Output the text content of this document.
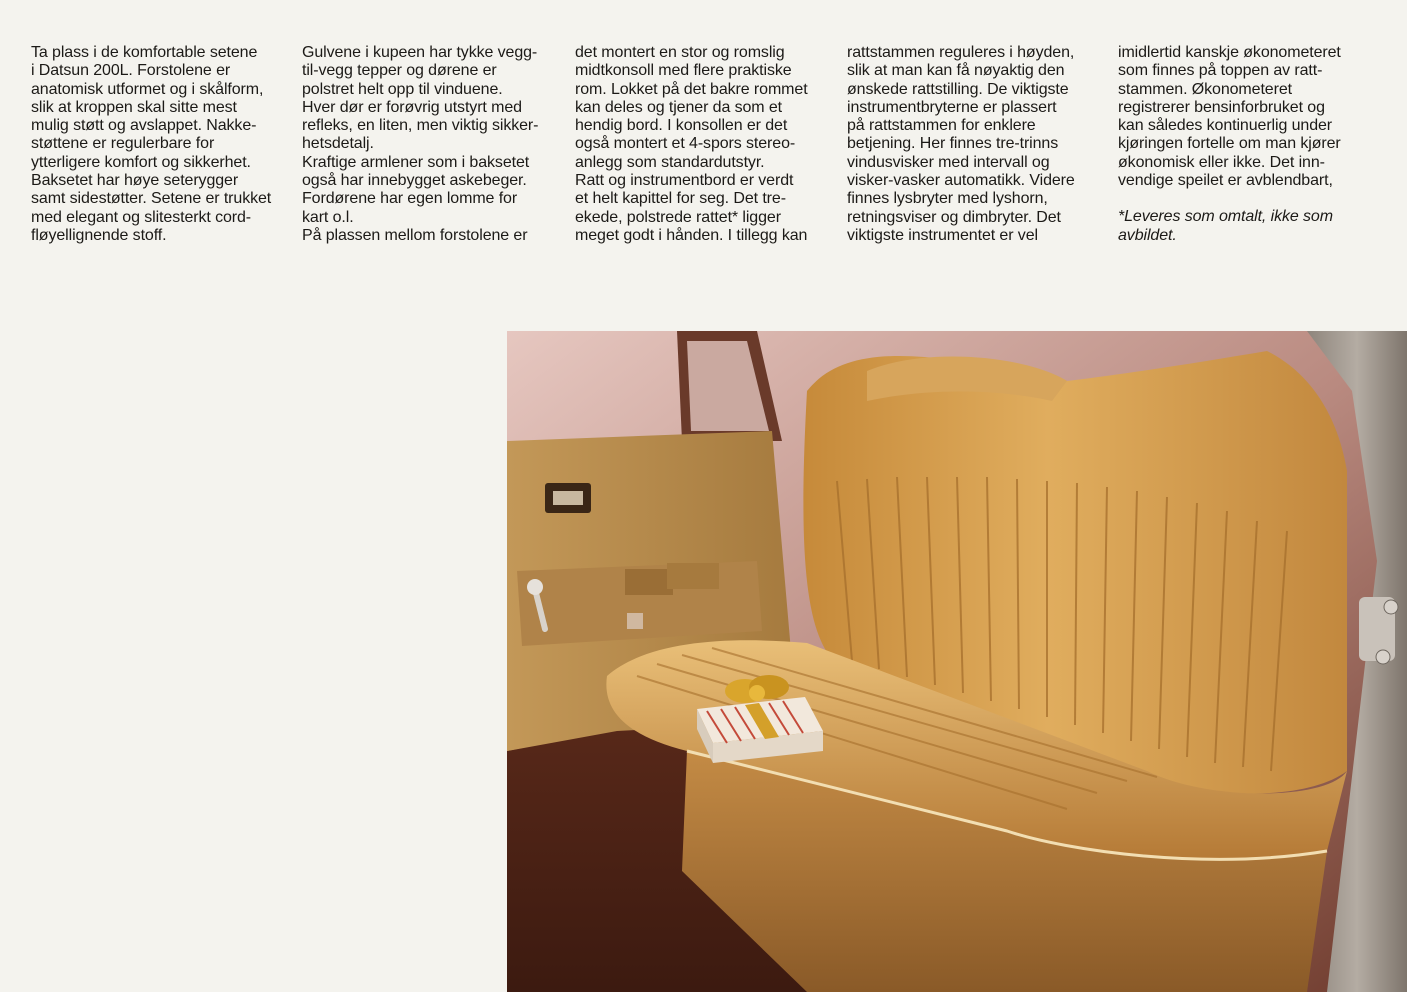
Ta plass i de komfortable setene
i Datsun 200L. Forstolene er
anatomisk utformet og i skålform,
slik at kroppen skal sitte mest
mulig støtt og avslappet. Nakke-
støttene er regulerbare for
ytterligere komfort og sikkerhet.
Baksetet har høye seterygger
samt sidestøtter. Setene er trukket
med elegant og slitesterkt cord-
fløyellignende stoff.
Gulvene i kupeen har tykke vegg-
til-vegg tepper og dørene er
polstret helt opp til vinduene.
Hver dør er forøvrig utstyrt med
refleks, en liten, men viktig sikker-
hetsdetalj.
Kraftige armlener som i baksetet
også har innebygget askebeger.
Fordørene har egen lomme for
kart o.l.
På plassen mellom forstolene er
det montert en stor og romslig
midtkonsoll med flere praktiske
rom. Lokket på det bakre rommet
kan deles og tjener da som et
hendig bord. I konsollen er det
også montert et 4-spors stereo-
anlegg som standardutstyr.
Ratt og instrumentbord er verdt
et helt kapittel for seg. Det tre-
ekede, polstrede rattet* ligger
meget godt i hånden. I tillegg kan
rattstammen reguleres i høyden,
slik at man kan få nøyaktig den
ønskede rattstilling. De viktigste
instrumentbryterne er plassert
på rattstammen for enklere
betjening. Her finnes tre-trinns
vindusvisker med intervall og
visker-vasker automatikk. Videre
finnes lysbryter med lyshorn,
retningsviser og dimbryter. Det
viktigste instrumentet er vel
imidlertid kanskje økonometeret
som finnes på toppen av ratt-
stammen. Økonometeret
registrerer bensinforbruket og
kan således kontinuerlig under
kjøringen fortelle om man kjører
økonomisk eller ikke. Det inn-
vendige speilet er avblendbart,
*Leveres som omtalt, ikke som
avbildet.
